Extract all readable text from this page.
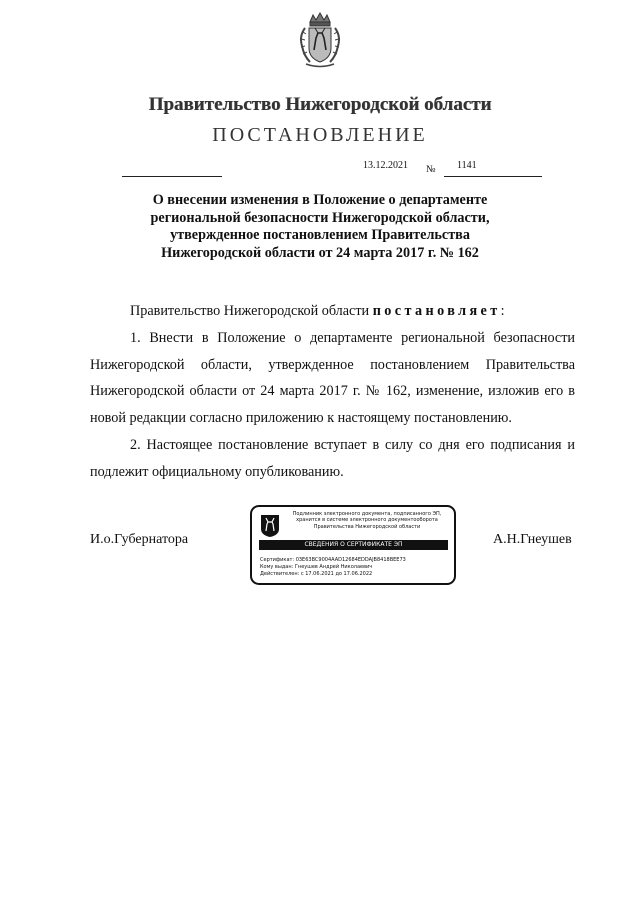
Правительство Нижегородской области
ПОСТАНОВЛЕНИЕ
13.12.2021 № 1141
О внесении изменения в Положение о департаменте
региональной безопасности Нижегородской области,
утвержденное постановлением Правительства
Нижегородской области от 24 марта 2017 г. № 162

Правительство Нижегородской области постановляет:

1. Внести в Положение о департаменте региональной безопасности Нижегородской области, утвержденное постановлением Правительства Нижегородской области от 24 марта 2017 г. № 162, изменение, изложив его в новой редакции согласно приложению к настоящему постановлению.

2. Настоящее постановление вступает в силу со дня его подписания и подлежит официальному опубликованию.

И.о.Губернатора
Подлинник электронного документа, подписанного ЭП,
хранится в системе электронного документооборота
Правительства Нижегородской области
СВЕДЕНИЯ О СЕРТИФИКАТЕ ЭП
Сертификат: 03E63BC9004AAD12684EDDAJB8418BEE73
Кому выдан: Гнеушев Андрей Николаевич
Действителен: с 17.06.2021 до 17.06.2022
А.Н.Гнеушев
